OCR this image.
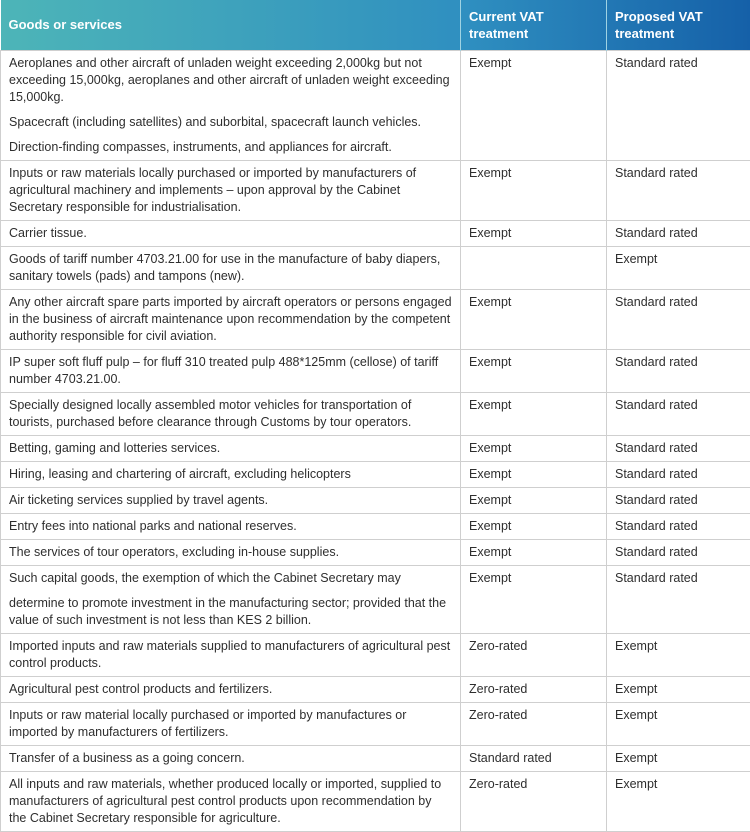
Goods or services	Current VAT treatment	Proposed VAT treatment

Aeroplanes and other aircraft of unladen weight exceeding 2,000kg but not exceeding 15,000kg, aeroplanes and other aircraft of unladen weight exceeding 15,000kg.

Spacecraft (including satellites) and suborbital, spacecraft launch vehicles.

Direction-finding compasses, instruments, and appliances for aircraft.	Exempt	Standard rated

Inputs or raw materials locally purchased or imported by manufacturers of agricultural machinery and implements – upon approval by the Cabinet Secretary responsible for industrialisation.	Exempt	Standard rated

Carrier tissue.	Exempt	Standard rated

Goods of tariff number 4703.21.00 for use in the manufacture of baby diapers, sanitary towels (pads) and tampons (new).		Exempt

Any other aircraft spare parts imported by aircraft operators or persons engaged in the business of aircraft maintenance upon recommendation by the competent authority responsible for civil aviation.	Exempt	Standard rated

IP super soft fluff pulp – for fluff 310 treated pulp 488*125mm (cellose) of tariff number 4703.21.00.	Exempt	Standard rated

Specially designed locally assembled motor vehicles for transportation of tourists, purchased before clearance through Customs by tour operators.	Exempt	Standard rated

Betting, gaming and lotteries services.	Exempt	Standard rated

Hiring, leasing and chartering of aircraft, excluding helicopters	Exempt	Standard rated

Air ticketing services supplied by travel agents.	Exempt	Standard rated

Entry fees into national parks and national reserves.	Exempt	Standard rated

The services of tour operators, excluding in-house supplies.	Exempt	Standard rated

Such capital goods, the exemption of which the Cabinet Secretary may

determine to promote investment in the manufacturing sector; provided that the value of such investment is not less than KES 2 billion.	Exempt	Standard rated

Imported inputs and raw materials supplied to manufacturers of agricultural pest control products.	Zero-rated	Exempt

Agricultural pest control products and fertilizers.	Zero-rated	Exempt

Inputs or raw material locally purchased or imported by manufactures or imported by manufacturers of fertilizers.	Zero-rated	Exempt

Transfer of a business as a going concern.	Standard rated	Exempt

All inputs and raw materials, whether produced locally or imported, supplied to manufacturers of agricultural pest control products upon recommendation by the Cabinet Secretary responsible for agriculture.	Zero-rated	Exempt
